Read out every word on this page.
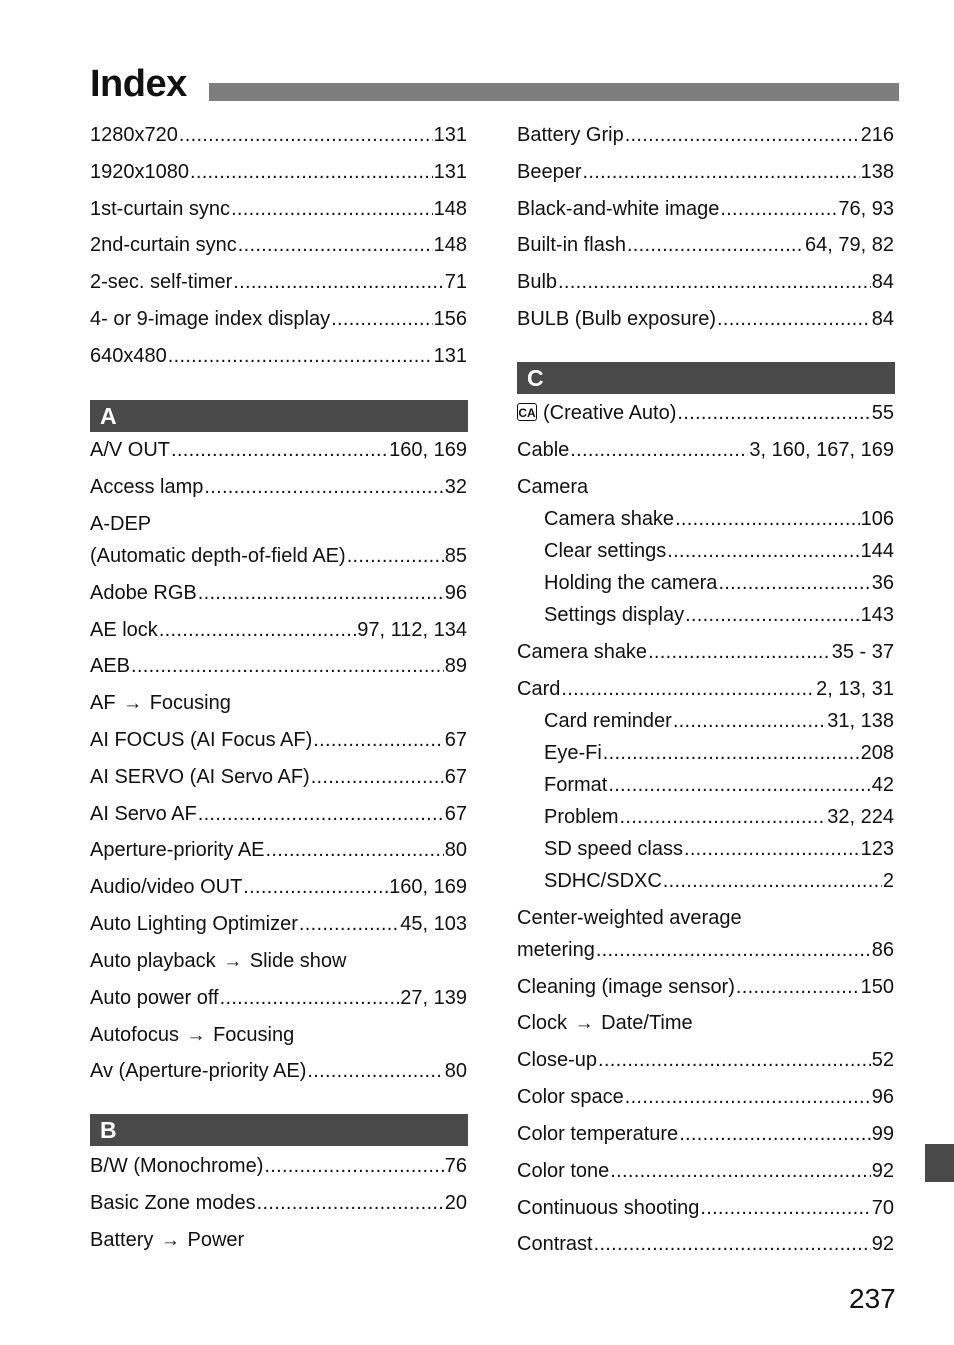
Index
1280x720 .....	131
1920x1080 .....	131
1st-curtain sync .....	148
2nd-curtain sync .....	148
2-sec. self-timer .....	71
4- or 9-image index display .....	156
640x480 .....	131
A
A/V OUT .....	160, 169
Access lamp .....	32
A-DEP
(Automatic depth-of-field AE) .....	85
Adobe RGB .....	96
AE lock .....	97, 112, 134
AEB .....	89
AF → Focusing
AI FOCUS (AI Focus AF) .....	67
AI SERVO (AI Servo AF) .....	67
AI Servo AF .....	67
Aperture-priority AE .....	80
Audio/video OUT .....	160, 169
Auto Lighting Optimizer .....	45, 103
Auto playback → Slide show
Auto power off .....	27, 139
Autofocus → Focusing
Av (Aperture-priority AE) .....	80
B
B/W (Monochrome) .....	76
Basic Zone modes .....	20
Battery → Power
Battery Grip .....	216
Beeper .....	138
Black-and-white image .....	76, 93
Built-in flash .....	64, 79, 82
Bulb .....	84
BULB (Bulb exposure) .....	84
C
CA (Creative Auto) .....	55
Cable .....	3, 160, 167, 169
Camera
Camera shake .....	106
Clear settings .....	144
Holding the camera .....	36
Settings display .....	143
Camera shake .....	35 - 37
Card .....	2, 13, 31
Card reminder .....	31, 138
Eye-Fi .....	208
Format .....	42
Problem .....	32, 224
SD speed class .....	123
SDHC/SDXC .....	2
Center-weighted average
metering .....	86
Cleaning (image sensor) .....	150
Clock → Date/Time
Close-up .....	52
Color space .....	96
Color temperature .....	99
Color tone .....	92
Continuous shooting .....	70
Contrast .....	92
237
